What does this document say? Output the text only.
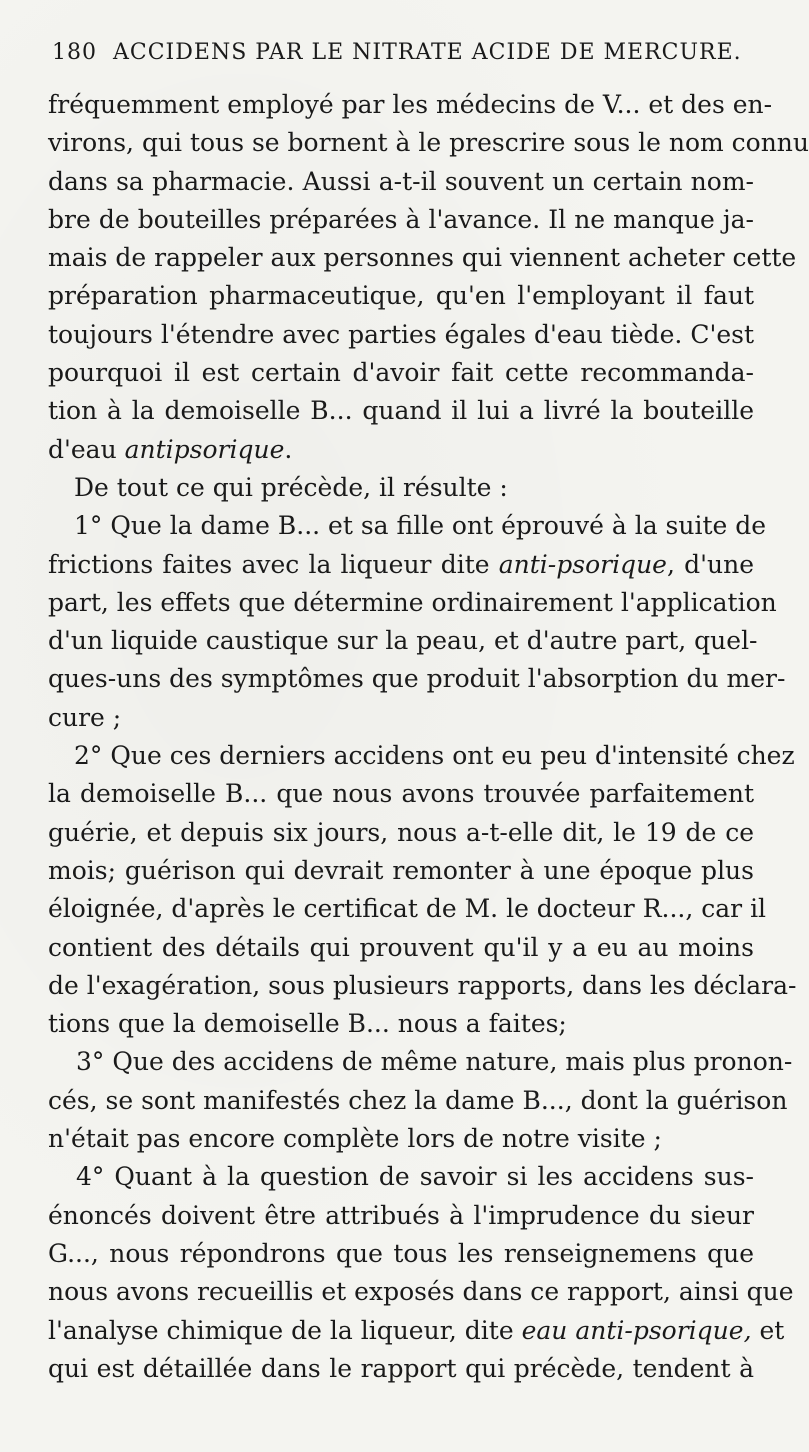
180 ACCIDENS PAR LE NITRATE ACIDE DE MERCURE.
fréquemment employé par les médecins de V... et des en-
virons, qui tous se bornent à le prescrire sous le nom connu
dans sa pharmacie. Aussi a-t-il souvent un certain nom-
bre de bouteilles préparées à l'avance. Il ne manque ja-
mais de rappeler aux personnes qui viennent acheter cette
préparation pharmaceutique, qu'en l'employant il faut
toujours l'étendre avec parties égales d'eau tiède. C'est
pourquoi il est certain d'avoir fait cette recommanda-
tion à la demoiselle B... quand il lui a livré la bouteille
d'eau antipsorique.
De tout ce qui précède, il résulte :
1° Que la dame B... et sa fille ont éprouvé à la suite de
frictions faites avec la liqueur dite anti-psorique, d'une
part, les effets que détermine ordinairement l'application
d'un liquide caustique sur la peau, et d'autre part, quel-
ques-uns des symptômes que produit l'absorption du mer-
cure ;
2° Que ces derniers accidens ont eu peu d'intensité chez
la demoiselle B... que nous avons trouvée parfaitement
guérie, et depuis six jours, nous a-t-elle dit, le 19 de ce
mois; guérison qui devrait remonter à une époque plus
éloignée, d'après le certificat de M. le docteur R..., car il
contient des détails qui prouvent qu'il y a eu au moins
de l'exagération, sous plusieurs rapports, dans les déclara-
tions que la demoiselle B... nous a faites;
3° Que des accidens de même nature, mais plus pronon-
cés, se sont manifestés chez la dame B..., dont la guérison
n'était pas encore complète lors de notre visite ;
4° Quant à la question de savoir si les accidens sus-
énoncés doivent être attribués à l'imprudence du sieur
G..., nous répondrons que tous les renseignemens que
nous avons recueillis et exposés dans ce rapport, ainsi que
l'analyse chimique de la liqueur, dite eau anti-psorique, et
qui est détaillée dans le rapport qui précède, tendent à
